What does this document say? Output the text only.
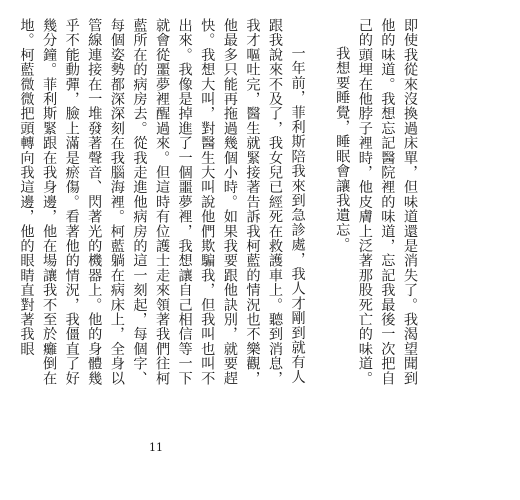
即使我從來沒換過床單，但味道還是消失了。我渴望聞到他的味道。我想忘記醫院裡的味道，忘記我最後一次把自己的頭埋在他脖子裡時，他皮膚上泛著那股死亡的味道。

我想要睡覺，睡眠會讓我遺忘。

一年前，菲利斯陪我來到急診處，我人才剛到就有人跟我說來不及了，我女兒已經死在救護車上。聽到消息，我才嘔吐完，醫生就緊接著告訴我柯藍的情況也不樂觀，他最多只能再拖過幾個小時。如果我要跟他訣別，就要趕快。我想大叫，對醫生大叫說他們欺騙我，但我叫也叫不出來。我像是掉進了一個噩夢裡，我想讓自己相信等一下就會從噩夢裡醒過來。但這時有位護士走來領著我們往柯藍所在的病房去。從我走進他病房的這一刻起，每個字、每個姿勢都深深刻在我腦海裡。柯藍躺在病床上，全身以管線連接在一堆發著聲音、閃著光的機器上。他的身體幾乎不能動彈，臉上滿是瘀傷。看著他的情況，我僵直了好幾分鐘。菲利斯緊跟在我身邊，他在場讓我不至於癱倒在地。柯藍微微把頭轉向我這邊，他的眼睛直對著我眼

11
